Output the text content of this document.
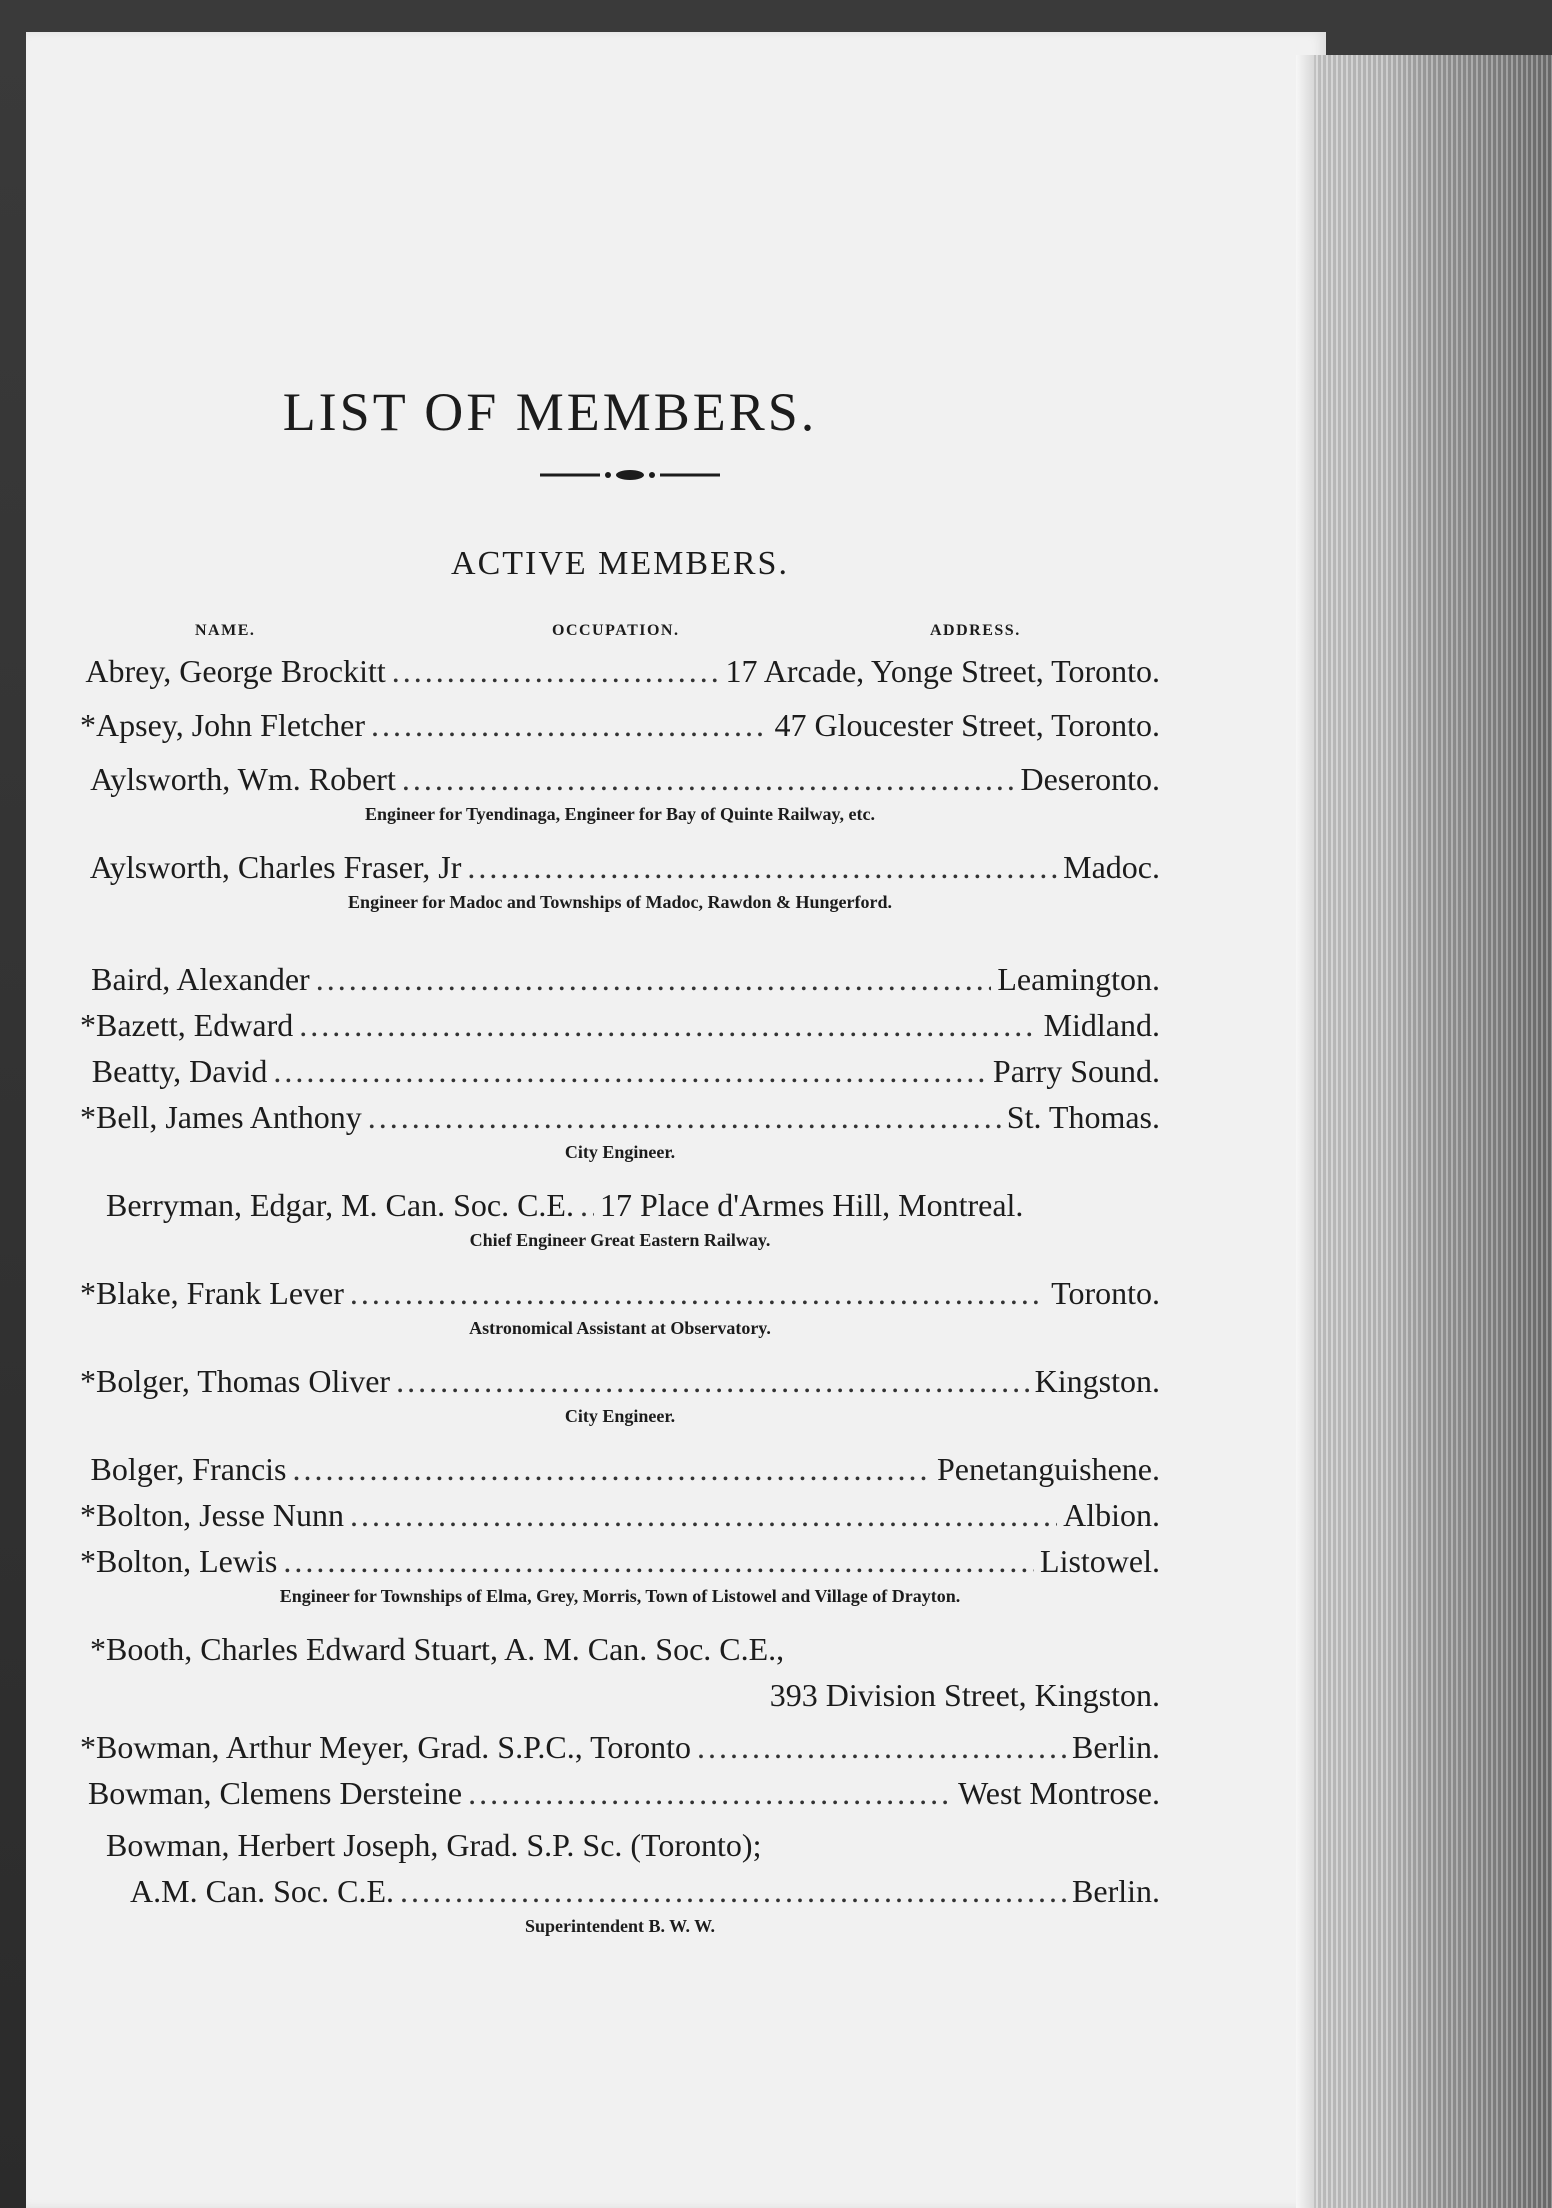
LIST OF MEMBERS.
ACTIVE MEMBERS.
NAME.	OCCUPATION.	ADDRESS.
Abrey, George Brockitt .....	17 Arcade, Yonge Street, Toronto.
* Apsey, John Fletcher .....	47 Gloucester Street, Toronto.
Aylsworth, Wm. Robert .....	Deseronto.
Engineer for Tyendinaga, Engineer for Bay of Quinte Railway, etc.
Aylsworth, Charles Fraser, Jr .....	Madoc.
Engineer for Madoc and Townships of Madoc, Rawdon & Hungerford.
Baird, Alexander .....	Leamington.
* Bazett, Edward .....	Midland.
Beatty, David .....	Parry Sound.
* Bell, James Anthony .....	St. Thomas.
City Engineer.
Berryman, Edgar, M. Can. Soc. C.E. ..... 17 Place d'Armes Hill, Montreal.
Chief Engineer Great Eastern Railway.
* Blake, Frank Lever .....	Toronto.
Astronomical Assistant at Observatory.
* Bolger, Thomas Oliver .....	Kingston.
City Engineer.
Bolger, Francis .....	Penetanguishene.
* Bolton, Jesse Nunn .....	Albion.
* Bolton, Lewis .....	Listowel.
Engineer for Townships of Elma, Grey, Morris, Town of Listowel and Village of Drayton.
* Booth, Charles Edward Stuart, A. M. Can. Soc. C.E.,
393 Division Street, Kingston.
* Bowman, Arthur Meyer, Grad. S.P.C., Toronto .....	Berlin.
Bowman, Clemens Dersteine .....	West Montrose.
Bowman, Herbert Joseph, Grad. S.P. Sc. (Toronto);
A.M. Can. Soc. C.E. .....	Berlin.
Superintendent B. W. W.
